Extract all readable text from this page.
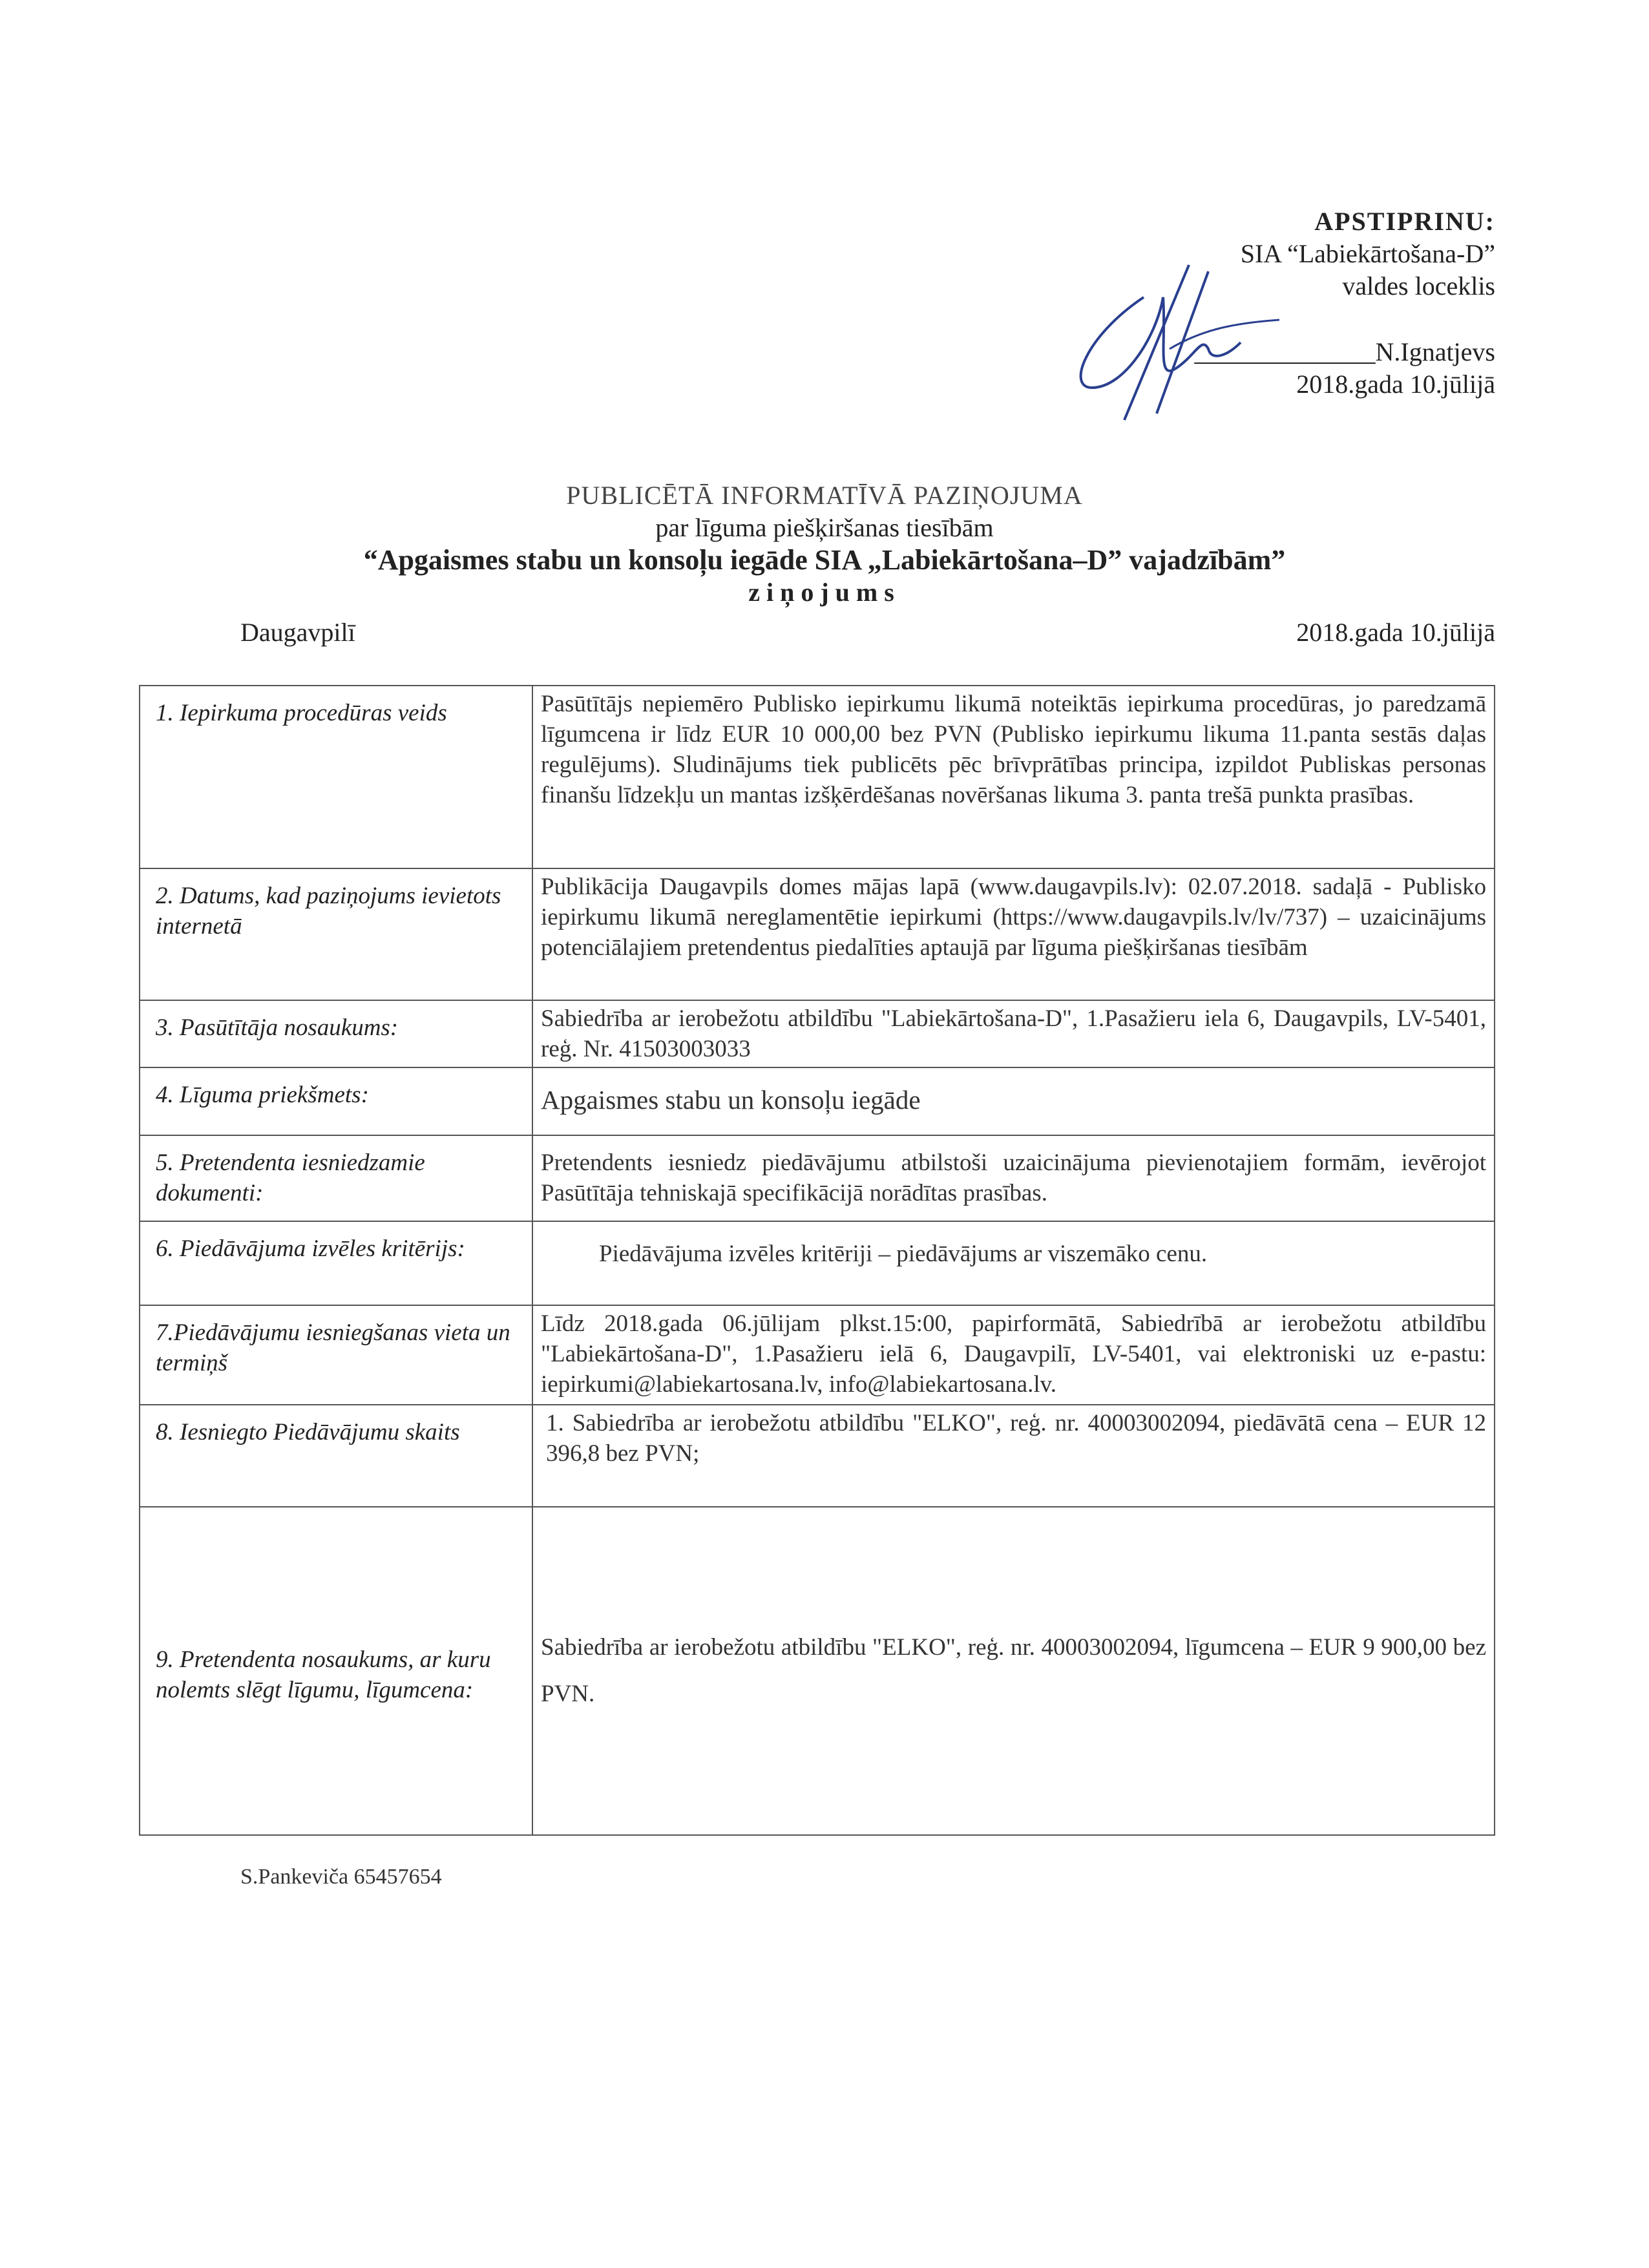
APSTIPRINU:
SIA “Labiekārtošana-D”
valdes loceklis
______________N.Ignatjevs
2018.gada 10.jūlijā
PUBLICĒTĀ INFORMATĪVĀ PAZIŅOJUMA
par līguma piešķiršanas tiesībām
“Apgaismes stabu un konsoļu iegāde SIA „Labiekārtošana–D” vajadzībām”
ziņojums
Daugavpilī	2018.gada 10.jūlijā
1. Iepirkuma procedūras veids	Pasūtītājs nepiemēro Publisko iepirkumu likumā noteiktās iepirkuma procedūras, jo paredzamā līgumcena ir līdz EUR 10 000,00 bez PVN (Publisko iepirkumu likuma 11.panta sestās daļas regulējums). Sludinājums tiek publicēts pēc brīvprātības principa, izpildot Publiskas personas finanšu līdzekļu un mantas izšķērdēšanas novēršanas likuma 3. panta trešā punkta prasības.
2. Datums, kad paziņojums ievietots internetā	Publikācija Daugavpils domes mājas lapā (www.daugavpils.lv): 02.07.2018. sadaļā - Publisko iepirkumu likumā nereglamentētie iepirkumi (https://www.daugavpils.lv/lv/737) – uzaicinājums potenciālajiem pretendentus piedalīties aptaujā par līguma piešķiršanas tiesībām
3. Pasūtītāja nosaukums:	Sabiedrība ar ierobežotu atbildību "Labiekārtošana-D", 1.Pasažieru iela 6, Daugavpils, LV-5401, reģ. Nr. 41503003033
4. Līguma priekšmets:	Apgaismes stabu un konsoļu iegāde
5. Pretendenta iesniedzamie dokumenti:	Pretendents iesniedz piedāvājumu atbilstoši uzaicinājuma pievienotajiem formām, ievērojot Pasūtītāja tehniskajā specifikācijā norādītas prasības.
6. Piedāvājuma izvēles kritērijs:	Piedāvājuma izvēles kritēriji – piedāvājums ar viszemāko cenu.
7.Piedāvājumu iesniegšanas vieta un termiņš	Līdz 2018.gada 06.jūlijam plkst.15:00, papirformātā, Sabiedrībā ar ierobežotu atbildību "Labiekārtošana-D", 1.Pasažieru ielā 6, Daugavpilī, LV-5401, vai elektroniski uz e-pastu: iepirkumi@labiekartosana.lv, info@labiekartosana.lv.
8. Iesniegto Piedāvājumu skaits	1. Sabiedrība ar ierobežotu atbildību "ELKO", reģ. nr. 40003002094, piedāvātā cena – EUR 12 396,8 bez PVN;
9. Pretendenta nosaukums, ar kuru nolemts slēgt līgumu, līgumcena:	Sabiedrība ar ierobežotu atbildību "ELKO", reģ. nr. 40003002094, līgumcena – EUR 9 900,00 bez PVN.
S.Pankeviča 65457654
